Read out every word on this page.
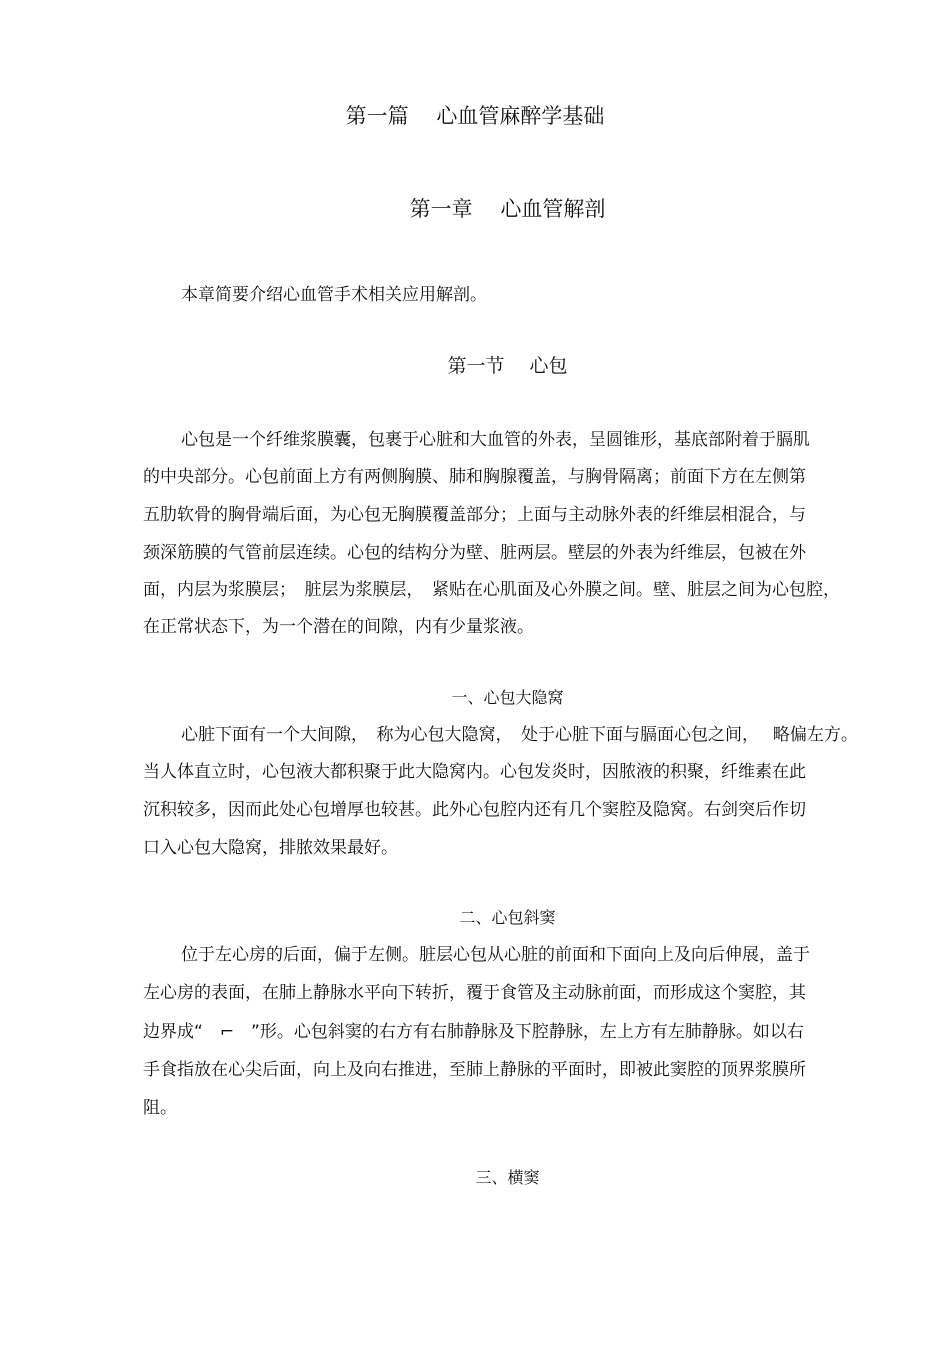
第一篇　 心血管麻醉学基础
第一章　 心血管解剖
本章简要介绍心血管手术相关应用解剖。
第一节　 心包
心包是一个纤维浆膜囊，包裹于心脏和大血管的外表，呈圆锥形，基底部附着于膈肌
的中央部分。心包前面上方有两侧胸膜、肺和胸腺覆盖，与胸骨隔离；前面下方在左侧第
五肋软骨的胸骨端后面，为心包无胸膜覆盖部分；上面与主动脉外表的纤维层相混合，与
颈深筋膜的气管前层连续。心包的结构分为壁、脏两层。壁层的外表为纤维层，包被在外
面，内层为浆膜层；　脏层为浆膜层，　紧贴在心肌面及心外膜之间。壁、脏层之间为心包腔，
在正常状态下，为一个潜在的间隙，内有少量浆液。
一、心包大隐窝
心脏下面有一个大间隙，　称为心包大隐窝，　处于心脏下面与膈面心包之间，　 略偏左方。
当人体直立时，心包液大都积聚于此大隐窝内。心包发炎时，因脓液的积聚，纤维素在此
沉积较多，因而此处心包增厚也较甚。此外心包腔内还有几个窦腔及隐窝。右剑突后作切
口入心包大隐窝，排脓效果最好。
二、心包斜窦
位于左心房的后面，偏于左侧。脏层心包从心脏的前面和下面向上及向后伸展，盖于
左心房的表面，在肺上静脉水平向下转折，覆于食管及主动脉前面，而形成这个窦腔，其
边界成“　⌐　”形。心包斜窦的右方有右肺静脉及下腔静脉，左上方有左肺静脉。如以右
手食指放在心尖后面，向上及向右推进，至肺上静脉的平面时，即被此窦腔的顶界浆膜所
阻。
三、横窦
